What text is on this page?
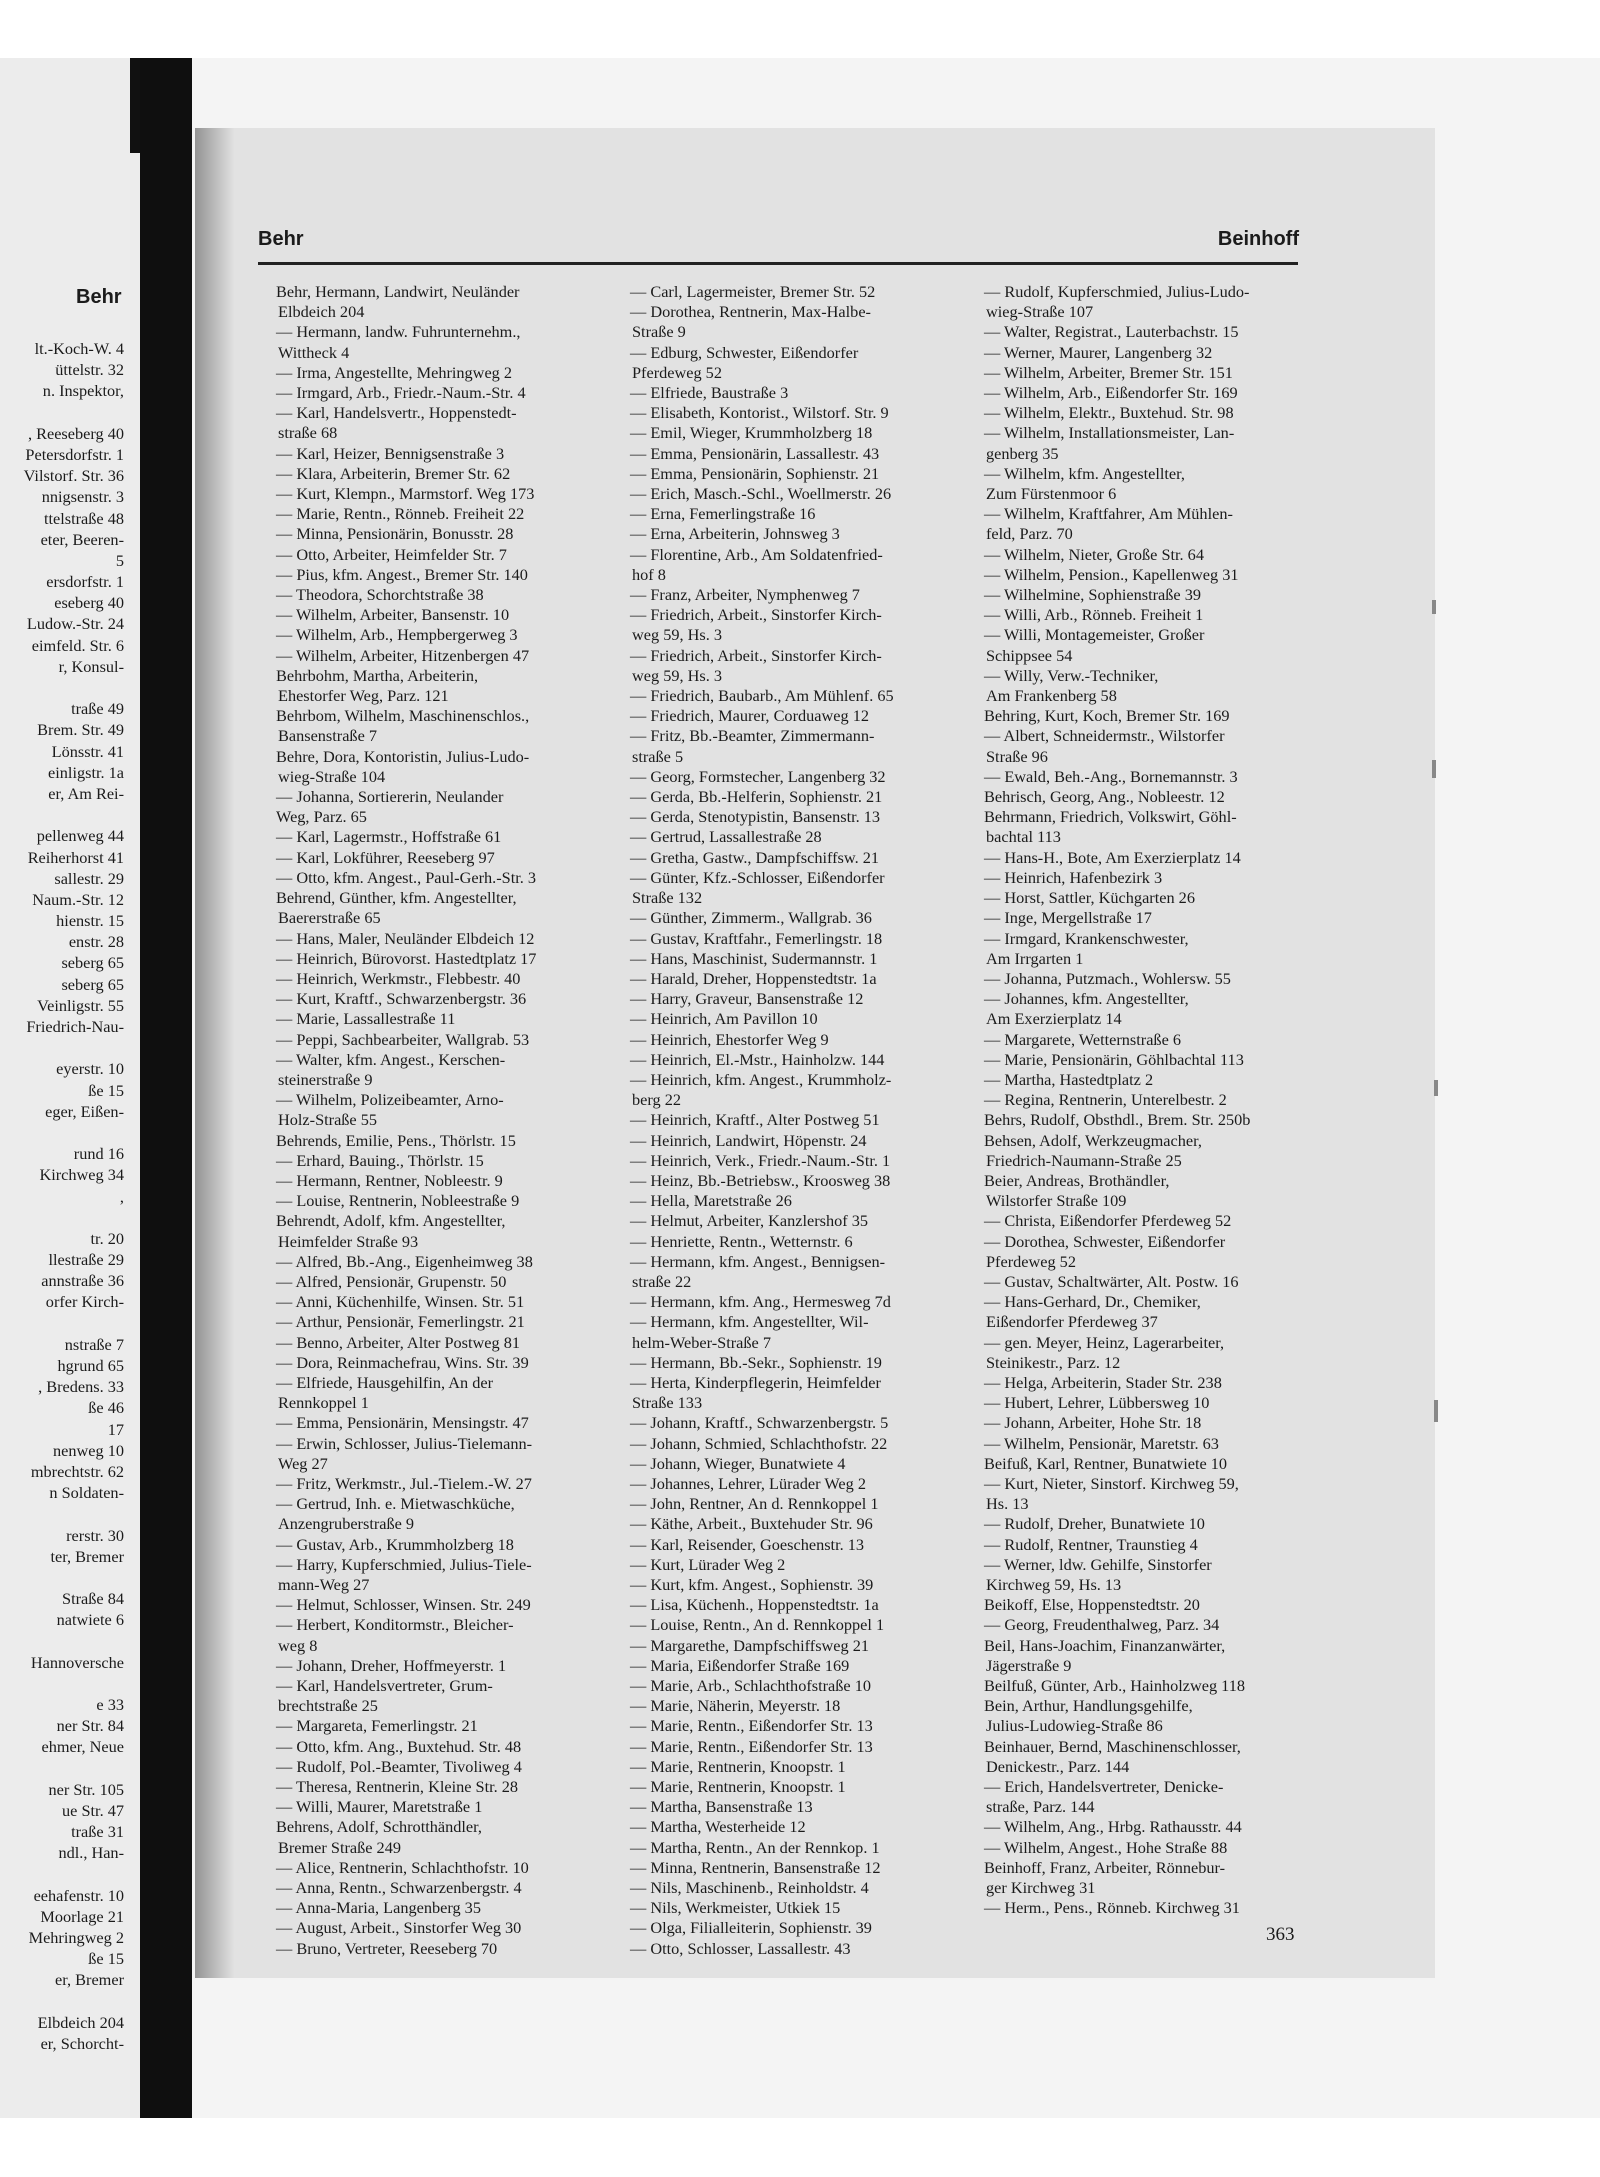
Behr
lt.-Koch-W. 4
üttelstr. 32
n. Inspektor,
, Reeseberg 40
Petersdorfstr. 1
Vilstorf. Str. 36
nnigsenstr. 3
ttelstraße 48
eter, Beeren-
5
ersdorfstr. 1
eseberg 40
Ludow.-Str. 24
eimfeld. Str. 6
r, Konsul-
traße 49
Brem. Str. 49
Lönsstr. 41
einligstr. 1a
er, Am Rei-
pellenweg 44
Reiherhorst 41
sallestr. 29
Naum.-Str. 12
hienstr. 15
enstr. 28
seberg 65
seberg 65
Veinligstr. 55
Friedrich-Nau-
eyerstr. 10
ße 15
eger, Eißen-
rund 16
Kirchweg 34
,
tr. 20
llestraße 29
annstraße 36
orfer Kirch-
nstraße 7
hgrund 65
, Bredens. 33
ße 46
17
nenweg 10
mbrechtstr. 62
n Soldaten-
rerstr. 30
ter, Bremer
Straße 84
natwiete 6
Hannoversche
e 33
ner Str. 84
ehmer, Neue
ner Str. 105
ue Str. 47
traße 31
ndl., Han-
eehafenstr. 10
Moorlage 21
Mehringweg 2
ße 15
er, Bremer
Elbdeich 204
er, Schorcht-
Behr	Beinhoff
Behr, Hermann, Landwirt, Neuländer
Elbdeich 204
— Hermann, landw. Fuhrunternehm.,
Wittheck 4
— Irma, Angestellte, Mehringweg 2
— Irmgard, Arb., Friedr.-Naum.-Str. 4
— Karl, Handelsvertr., Hoppenstedt-
straße 68
— Karl, Heizer, Bennigsenstraße 3
— Klara, Arbeiterin, Bremer Str. 62
— Kurt, Klempn., Marmstorf. Weg 173
— Marie, Rentn., Rönneb. Freiheit 22
— Minna, Pensionärin, Bonusstr. 28
— Otto, Arbeiter, Heimfelder Str. 7
— Pius, kfm. Angest., Bremer Str. 140
— Theodora, Schorchtstraße 38
— Wilhelm, Arbeiter, Bansenstr. 10
— Wilhelm, Arb., Hempbergerweg 3
— Wilhelm, Arbeiter, Hitzenbergen 47
Behrbohm, Martha, Arbeiterin,
Ehestorfer Weg, Parz. 121
Behrbom, Wilhelm, Maschinenschlos.,
Bansenstraße 7
Behre, Dora, Kontoristin, Julius-Ludo-
wieg-Straße 104
— Johanna, Sortiererin, Neulander
Weg, Parz. 65
— Karl, Lagermstr., Hoffstraße 61
— Karl, Lokführer, Reeseberg 97
— Otto, kfm. Angest., Paul-Gerh.-Str. 3
Behrend, Günther, kfm. Angestellter,
Baererstraße 65
— Hans, Maler, Neuländer Elbdeich 12
— Heinrich, Bürovorst. Hastedtplatz 17
— Heinrich, Werkmstr., Flebbestr. 40
— Kurt, Kraftf., Schwarzenbergstr. 36
— Marie, Lassallestraße 11
— Peppi, Sachbearbeiter, Wallgrab. 53
— Walter, kfm. Angest., Kerschen-
steinerstraße 9
— Wilhelm, Polizeibeamter, Arno-
Holz-Straße 55
Behrends, Emilie, Pens., Thörlstr. 15
— Erhard, Bauing., Thörlstr. 15
— Hermann, Rentner, Nobleestr. 9
— Louise, Rentnerin, Nobleestraße 9
Behrendt, Adolf, kfm. Angestellter,
Heimfelder Straße 93
— Alfred, Bb.-Ang., Eigenheimweg 38
— Alfred, Pensionär, Grupenstr. 50
— Anni, Küchenhilfe, Winsen. Str. 51
— Arthur, Pensionär, Femerlingstr. 21
— Benno, Arbeiter, Alter Postweg 81
— Dora, Reinmachefrau, Wins. Str. 39
— Elfriede, Hausgehilfin, An der
Rennkoppel 1
— Emma, Pensionärin, Mensingstr. 47
— Erwin, Schlosser, Julius-Tielemann-
Weg 27
— Fritz, Werkmstr., Jul.-Tielem.-W. 27
— Gertrud, Inh. e. Mietwaschküche,
Anzengruberstraße 9
— Gustav, Arb., Krummholzberg 18
— Harry, Kupferschmied, Julius-Tiele-
mann-Weg 27
— Helmut, Schlosser, Winsen. Str. 249
— Herbert, Konditormstr., Bleicher-
weg 8
— Johann, Dreher, Hoffmeyerstr. 1
— Karl, Handelsvertreter, Grum-
brechtstraße 25
— Margareta, Femerlingstr. 21
— Otto, kfm. Ang., Buxtehud. Str. 48
— Rudolf, Pol.-Beamter, Tivoliweg 4
— Theresa, Rentnerin, Kleine Str. 28
— Willi, Maurer, Maretstraße 1
Behrens, Adolf, Schrotthändler,
Bremer Straße 249
— Alice, Rentnerin, Schlachthofstr. 10
— Anna, Rentn., Schwarzenbergstr. 4
— Anna-Maria, Langenberg 35
— August, Arbeit., Sinstorfer Weg 30
— Bruno, Vertreter, Reeseberg 70
— Carl, Lagermeister, Bremer Str. 52
— Dorothea, Rentnerin, Max-Halbe-
Straße 9
— Edburg, Schwester, Eißendorfer
Pferdeweg 52
— Elfriede, Baustraße 3
— Elisabeth, Kontorist., Wilstorf. Str. 9
— Emil, Wieger, Krummholzberg 18
— Emma, Pensionärin, Lassallestr. 43
— Emma, Pensionärin, Sophienstr. 21
— Erich, Masch.-Schl., Woellmerstr. 26
— Erna, Femerlingstraße 16
— Erna, Arbeiterin, Johnsweg 3
— Florentine, Arb., Am Soldatenfried-
hof 8
— Franz, Arbeiter, Nymphenweg 7
— Friedrich, Arbeit., Sinstorfer Kirch-
weg 59, Hs. 3
— Friedrich, Arbeit., Sinstorfer Kirch-
weg 59, Hs. 3
— Friedrich, Baubarb., Am Mühlenf. 65
— Friedrich, Maurer, Corduaweg 12
— Fritz, Bb.-Beamter, Zimmermann-
straße 5
— Georg, Formstecher, Langenberg 32
— Gerda, Bb.-Helferin, Sophienstr. 21
— Gerda, Stenotypistin, Bansenstr. 13
— Gertrud, Lassallestraße 28
— Gretha, Gastw., Dampfschiffsw. 21
— Günter, Kfz.-Schlosser, Eißendorfer
Straße 132
— Günther, Zimmerm., Wallgrab. 36
— Gustav, Kraftfahr., Femerlingstr. 18
— Hans, Maschinist, Sudermannstr. 1
— Harald, Dreher, Hoppenstedtstr. 1a
— Harry, Graveur, Bansenstraße 12
— Heinrich, Am Pavillon 10
— Heinrich, Ehestorfer Weg 9
— Heinrich, El.-Mstr., Hainholzw. 144
— Heinrich, kfm. Angest., Krummholz-
berg 22
— Heinrich, Kraftf., Alter Postweg 51
— Heinrich, Landwirt, Höpenstr. 24
— Heinrich, Verk., Friedr.-Naum.-Str. 1
— Heinz, Bb.-Betriebsw., Kroosweg 38
— Hella, Maretstraße 26
— Helmut, Arbeiter, Kanzlershof 35
— Henriette, Rentn., Wetternstr. 6
— Hermann, kfm. Angest., Bennigsen-
straße 22
— Hermann, kfm. Ang., Hermesweg 7d
— Hermann, kfm. Angestellter, Wil-
helm-Weber-Straße 7
— Hermann, Bb.-Sekr., Sophienstr. 19
— Herta, Kinderpflegerin, Heimfelder
Straße 133
— Johann, Kraftf., Schwarzenbergstr. 5
— Johann, Schmied, Schlachthofstr. 22
— Johann, Wieger, Bunatwiete 4
— Johannes, Lehrer, Lürader Weg 2
— John, Rentner, An d. Rennkoppel 1
— Käthe, Arbeit., Buxtehuder Str. 96
— Karl, Reisender, Goeschenstr. 13
— Kurt, Lürader Weg 2
— Kurt, kfm. Angest., Sophienstr. 39
— Lisa, Küchenh., Hoppenstedtstr. 1a
— Louise, Rentn., An d. Rennkoppel 1
— Margarethe, Dampfschiffsweg 21
— Maria, Eißendorfer Straße 169
— Marie, Arb., Schlachthofstraße 10
— Marie, Näherin, Meyerstr. 18
— Marie, Rentn., Eißendorfer Str. 13
— Marie, Rentn., Eißendorfer Str. 13
— Marie, Rentnerin, Knoopstr. 1
— Marie, Rentnerin, Knoopstr. 1
— Martha, Bansenstraße 13
— Martha, Westerheide 12
— Martha, Rentn., An der Rennkop. 1
— Minna, Rentnerin, Bansenstraße 12
— Nils, Maschinenb., Reinholdstr. 4
— Nils, Werkmeister, Utkiek 15
— Olga, Filialleiterin, Sophienstr. 39
— Otto, Schlosser, Lassallestr. 43
— Rudolf, Kupferschmied, Julius-Ludo-
wieg-Straße 107
— Walter, Registrat., Lauterbachstr. 15
— Werner, Maurer, Langenberg 32
— Wilhelm, Arbeiter, Bremer Str. 151
— Wilhelm, Arb., Eißendorfer Str. 169
— Wilhelm, Elektr., Buxtehud. Str. 98
— Wilhelm, Installationsmeister, Lan-
genberg 35
— Wilhelm, kfm. Angestellter,
Zum Fürstenmoor 6
— Wilhelm, Kraftfahrer, Am Mühlen-
feld, Parz. 70
— Wilhelm, Nieter, Große Str. 64
— Wilhelm, Pension., Kapellenweg 31
— Wilhelmine, Sophienstraße 39
— Willi, Arb., Rönneb. Freiheit 1
— Willi, Montagemeister, Großer
Schippsee 54
— Willy, Verw.-Techniker,
Am Frankenberg 58
Behring, Kurt, Koch, Bremer Str. 169
— Albert, Schneidermstr., Wilstorfer
Straße 96
— Ewald, Beh.-Ang., Bornemannstr. 3
Behrisch, Georg, Ang., Nobleestr. 12
Behrmann, Friedrich, Volkswirt, Göhl-
bachtal 113
— Hans-H., Bote, Am Exerzierplatz 14
— Heinrich, Hafenbezirk 3
— Horst, Sattler, Küchgarten 26
— Inge, Mergellstraße 17
— Irmgard, Krankenschwester,
Am Irrgarten 1
— Johanna, Putzmach., Wohlersw. 55
— Johannes, kfm. Angestellter,
Am Exerzierplatz 14
— Margarete, Wetternstraße 6
— Marie, Pensionärin, Göhlbachtal 113
— Martha, Hastedtplatz 2
— Regina, Rentnerin, Unterelbestr. 2
Behrs, Rudolf, Obsthdl., Brem. Str. 250b
Behsen, Adolf, Werkzeugmacher,
Friedrich-Naumann-Straße 25
Beier, Andreas, Brothändler,
Wilstorfer Straße 109
— Christa, Eißendorfer Pferdeweg 52
— Dorothea, Schwester, Eißendorfer
Pferdeweg 52
— Gustav, Schaltwärter, Alt. Postw. 16
— Hans-Gerhard, Dr., Chemiker,
Eißendorfer Pferdeweg 37
— gen. Meyer, Heinz, Lagerarbeiter,
Steinikestr., Parz. 12
— Helga, Arbeiterin, Stader Str. 238
— Hubert, Lehrer, Lübbersweg 10
— Johann, Arbeiter, Hohe Str. 18
— Wilhelm, Pensionär, Maretstr. 63
Beifuß, Karl, Rentner, Bunatwiete 10
— Kurt, Nieter, Sinstorf. Kirchweg 59,
Hs. 13
— Rudolf, Dreher, Bunatwiete 10
— Rudolf, Rentner, Traunstieg 4
— Werner, ldw. Gehilfe, Sinstorfer
Kirchweg 59, Hs. 13
Beikoff, Else, Hoppenstedtstr. 20
— Georg, Freudenthalweg, Parz. 34
Beil, Hans-Joachim, Finanzanwärter,
Jägerstraße 9
Beilfuß, Günter, Arb., Hainholzweg 118
Bein, Arthur, Handlungsgehilfe,
Julius-Ludowieg-Straße 86
Beinhauer, Bernd, Maschinenschlosser,
Denickestr., Parz. 144
— Erich, Handelsvertreter, Denicke-
straße, Parz. 144
— Wilhelm, Ang., Hrbg. Rathausstr. 44
— Wilhelm, Angest., Hohe Straße 88
Beinhoff, Franz, Arbeiter, Rönnebur-
ger Kirchweg 31
— Herm., Pens., Rönneb. Kirchweg 31
363
